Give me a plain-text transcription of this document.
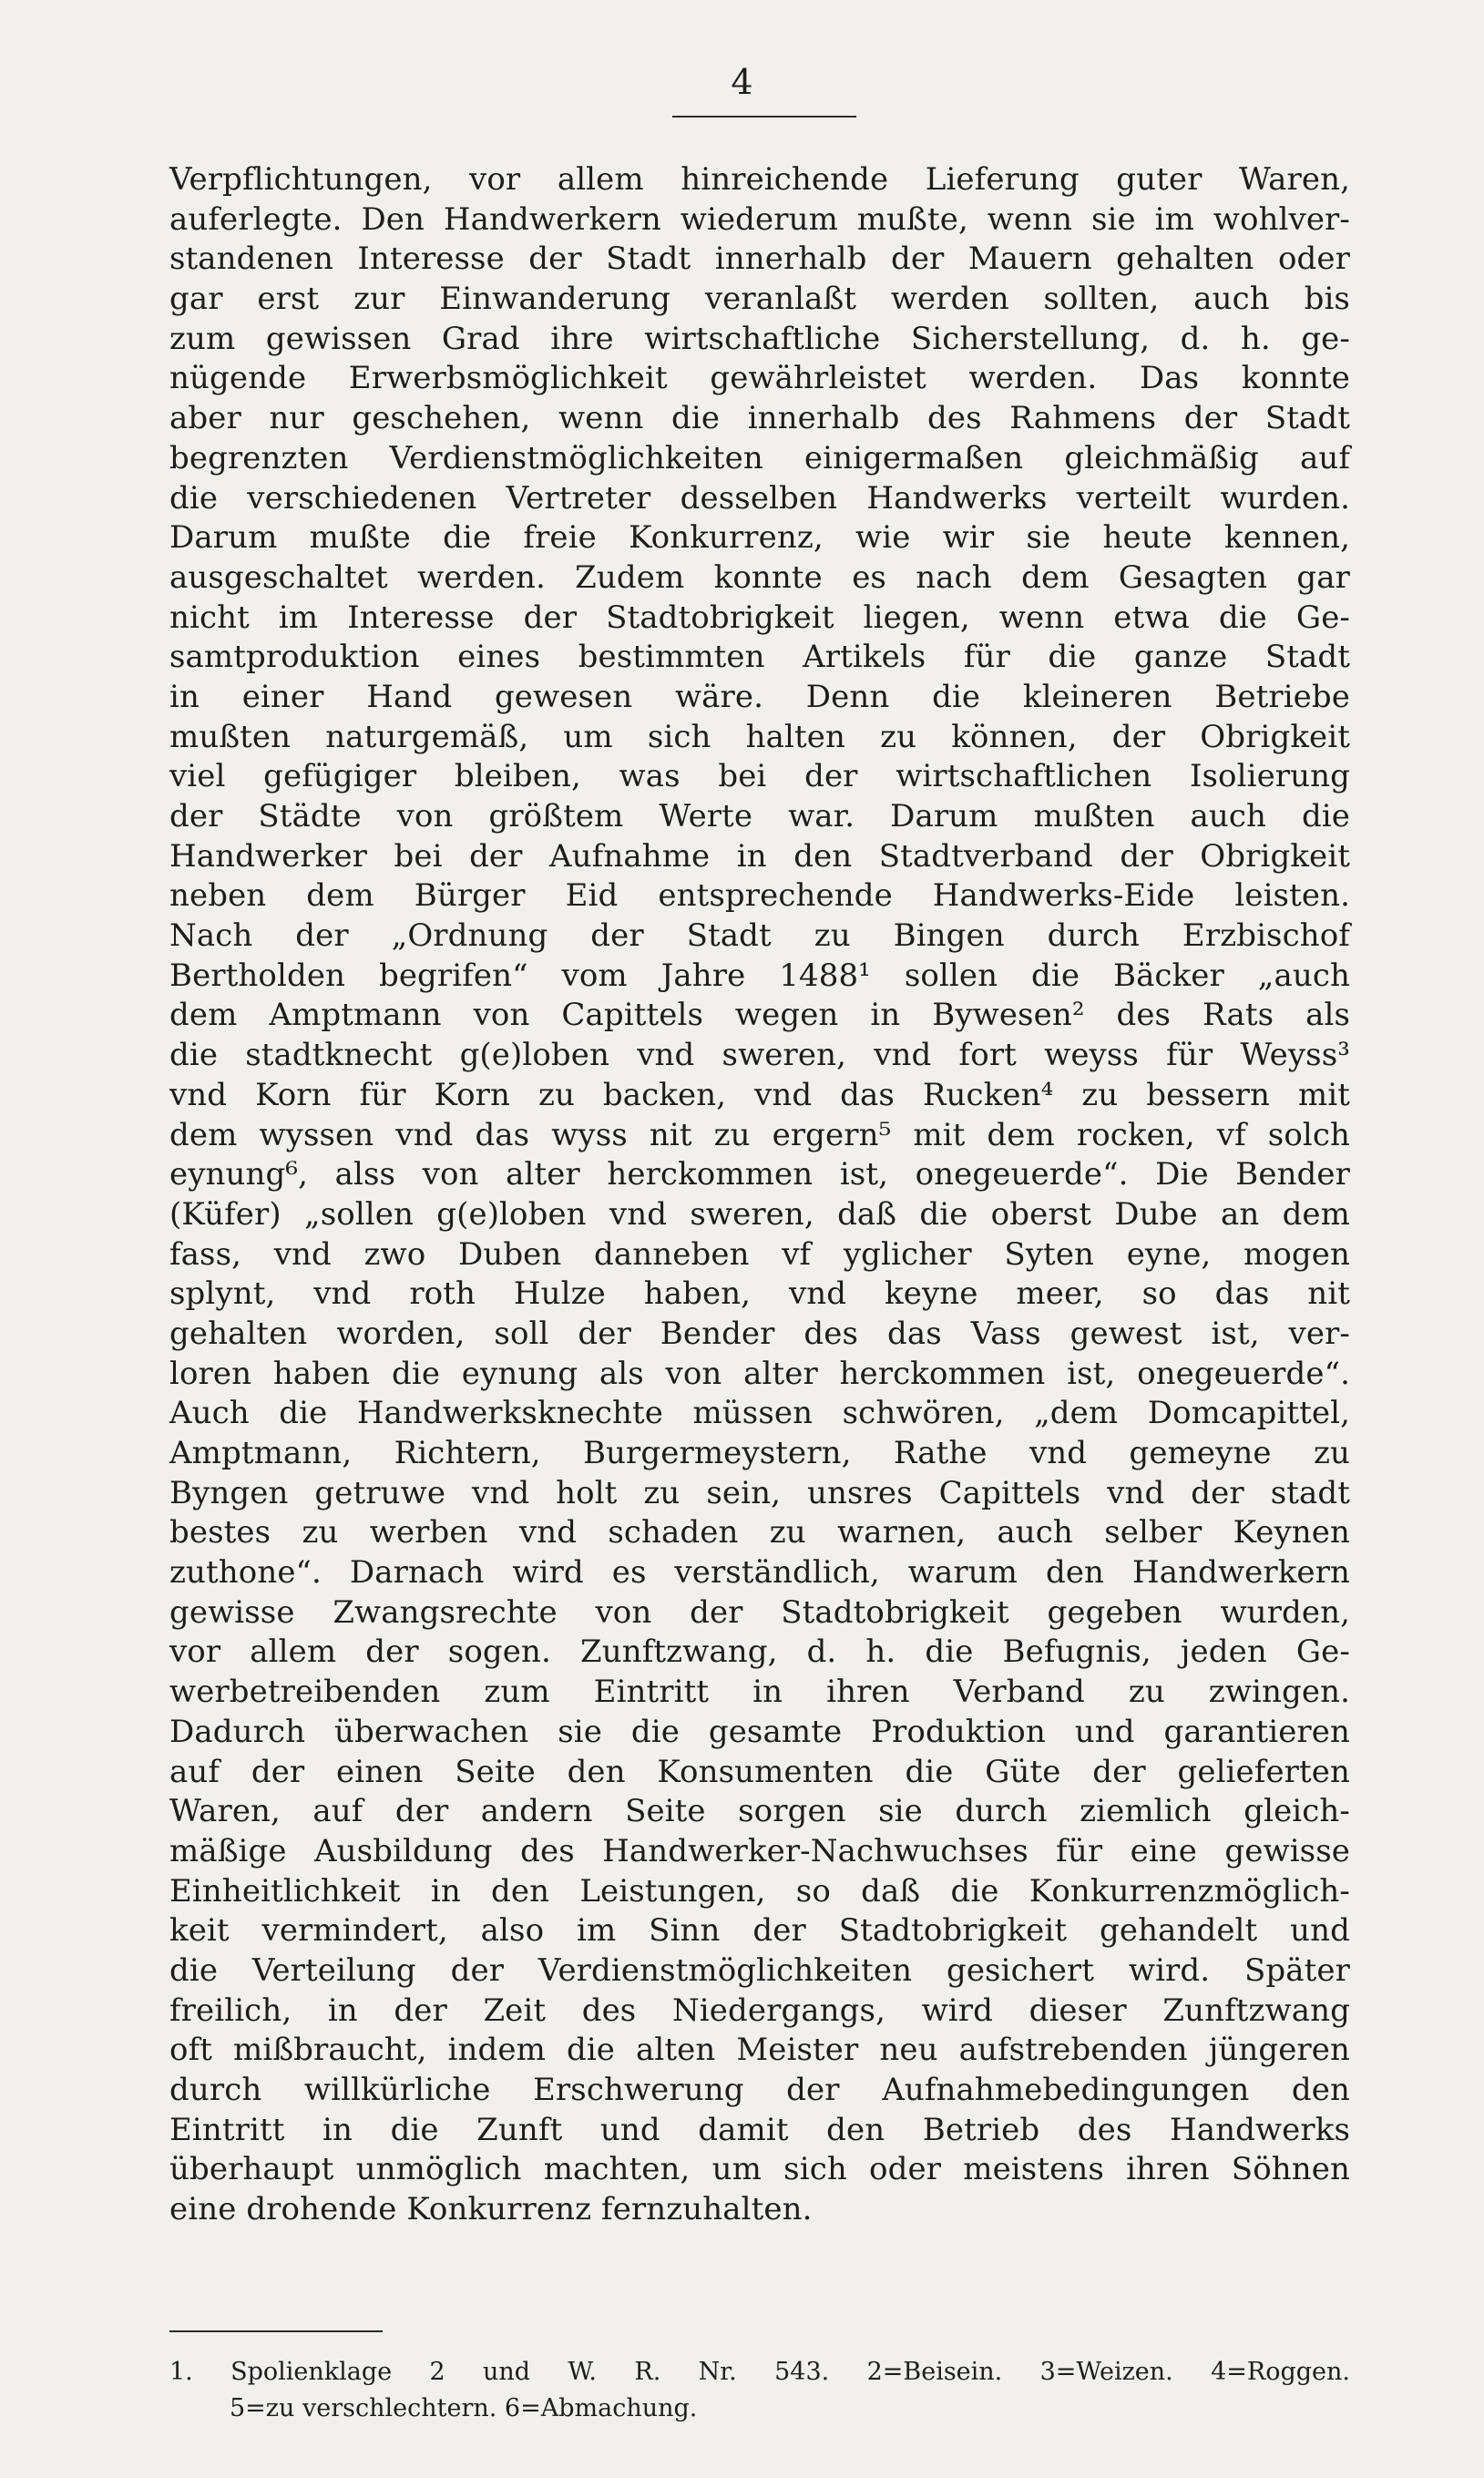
4
Verpflichtungen, vor allem hinreichende Lieferung guter Waren,
auferlegte. Den Handwerkern wiederum mußte, wenn sie im wohlver-
standenen Interesse der Stadt innerhalb der Mauern gehalten oder
gar erst zur Einwanderung veranlaßt werden sollten, auch bis
zum gewissen Grad ihre wirtschaftliche Sicherstellung, d. h. ge-
nügende Erwerbsmöglichkeit gewährleistet werden. Das konnte
aber nur geschehen, wenn die innerhalb des Rahmens der Stadt
begrenzten Verdienstmöglichkeiten einigermaßen gleichmäßig auf
die verschiedenen Vertreter desselben Handwerks verteilt wurden.
Darum mußte die freie Konkurrenz, wie wir sie heute kennen,
ausgeschaltet werden. Zudem konnte es nach dem Gesagten gar
nicht im Interesse der Stadtobrigkeit liegen, wenn etwa die Ge-
samtproduktion eines bestimmten Artikels für die ganze Stadt
in einer Hand gewesen wäre. Denn die kleineren Betriebe
mußten naturgemäß, um sich halten zu können, der Obrigkeit
viel gefügiger bleiben, was bei der wirtschaftlichen Isolierung
der Städte von größtem Werte war. Darum mußten auch die
Handwerker bei der Aufnahme in den Stadtverband der Obrigkeit
neben dem Bürger Eid entsprechende Handwerks-Eide leisten.
Nach der „Ordnung der Stadt zu Bingen durch Erzbischof
Bertholden begrifen“ vom Jahre 1488¹ sollen die Bäcker „auch
dem Amptmann von Capittels wegen in Bywesen² des Rats als
die stadtknecht g(e)loben vnd sweren, vnd fort weyss für Weyss³
vnd Korn für Korn zu backen, vnd das Rucken⁴ zu bessern mit
dem wyssen vnd das wyss nit zu ergern⁵ mit dem rocken, vf solch
eynung⁶, alss von alter herckommen ist, onegeuerde“. Die Bender
(Küfer) „sollen g(e)loben vnd sweren, daß die oberst Dube an dem
fass, vnd zwo Duben danneben vf yglicher Syten eyne, mogen
splynt, vnd roth Hulze haben, vnd keyne meer, so das nit
gehalten worden, soll der Bender des das Vass gewest ist, ver-
loren haben die eynung als von alter herckommen ist, onegeuerde“.
Auch die Handwerksknechte müssen schwören, „dem Domcapittel,
Amptmann, Richtern, Burgermeystern, Rathe vnd gemeyne zu
Byngen getruwe vnd holt zu sein, unsres Capittels vnd der stadt
bestes zu werben vnd schaden zu warnen, auch selber Keynen
zuthone“. Darnach wird es verständlich, warum den Handwerkern
gewisse Zwangsrechte von der Stadtobrigkeit gegeben wurden,
vor allem der sogen. Zunftzwang, d. h. die Befugnis, jeden Ge-
werbetreibenden zum Eintritt in ihren Verband zu zwingen.
Dadurch überwachen sie die gesamte Produktion und garantieren
auf der einen Seite den Konsumenten die Güte der gelieferten
Waren, auf der andern Seite sorgen sie durch ziemlich gleich-
mäßige Ausbildung des Handwerker-Nachwuchses für eine gewisse
Einheitlichkeit in den Leistungen, so daß die Konkurrenzmöglich-
keit vermindert, also im Sinn der Stadtobrigkeit gehandelt und
die Verteilung der Verdienstmöglichkeiten gesichert wird. Später
freilich, in der Zeit des Niedergangs, wird dieser Zunftzwang
oft mißbraucht, indem die alten Meister neu aufstrebenden jüngeren
durch willkürliche Erschwerung der Aufnahmebedingungen den
Eintritt in die Zunft und damit den Betrieb des Handwerks
überhaupt unmöglich machten, um sich oder meistens ihren Söhnen
eine drohende Konkurrenz fernzuhalten.
1. Spolienklage 2 und W. R. Nr. 543. 2=Beisein. 3=Weizen. 4=Roggen.
5=zu verschlechtern. 6=Abmachung.
